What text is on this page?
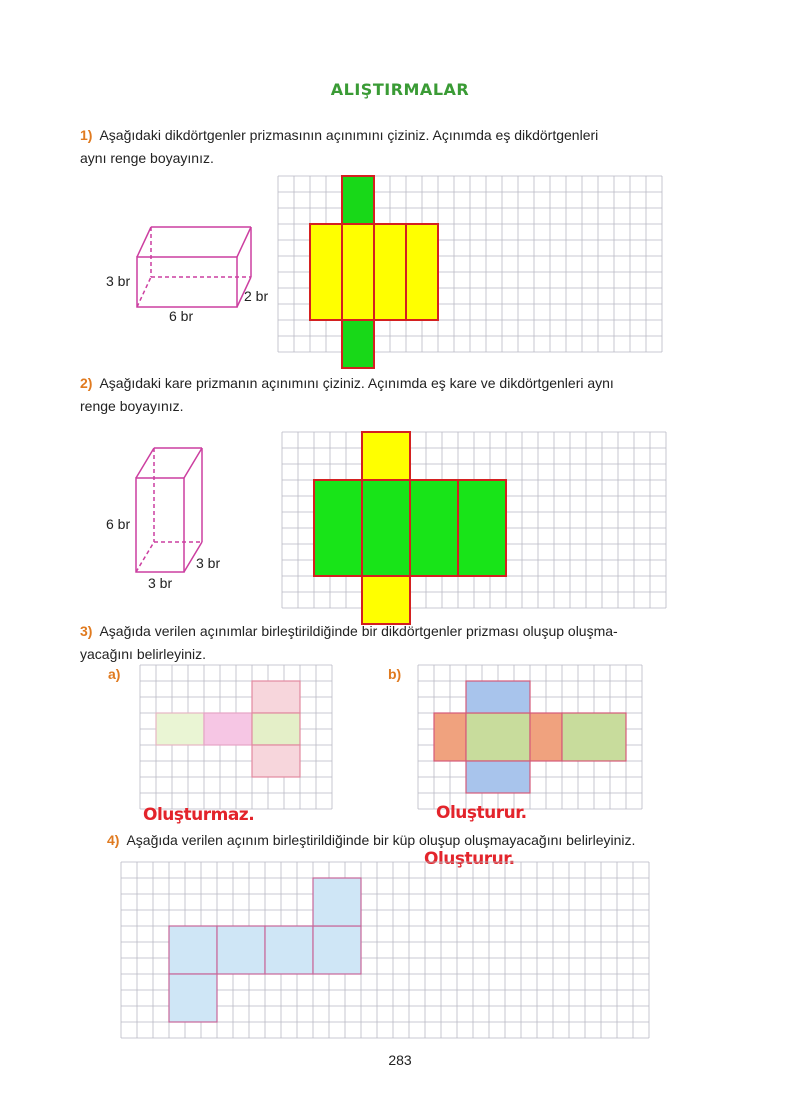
ALIŞTIRMALAR
1) Aşağıdaki dikdörtgenler prizmasının açınımını çiziniz. Açınımda eş dikdörtgenleri
aynı renge boyayınız.
3 br
6 br
2 br
2) Aşağıdaki kare prizmanın açınımını çiziniz. Açınımda eş kare ve dikdörtgenleri aynı
renge boyayınız.
6 br
3 br
3 br
3) Aşağıda verilen açınımlar birleştirildiğinde bir dikdörtgenler prizması oluşup oluşma-
yacağını belirleyiniz.
a)
Oluşturmaz.
b)
Oluşturur.
4) Aşağıda verilen açınım birleştirildiğinde bir küp oluşup oluşmayacağını belirleyiniz.
Oluşturur.
283
